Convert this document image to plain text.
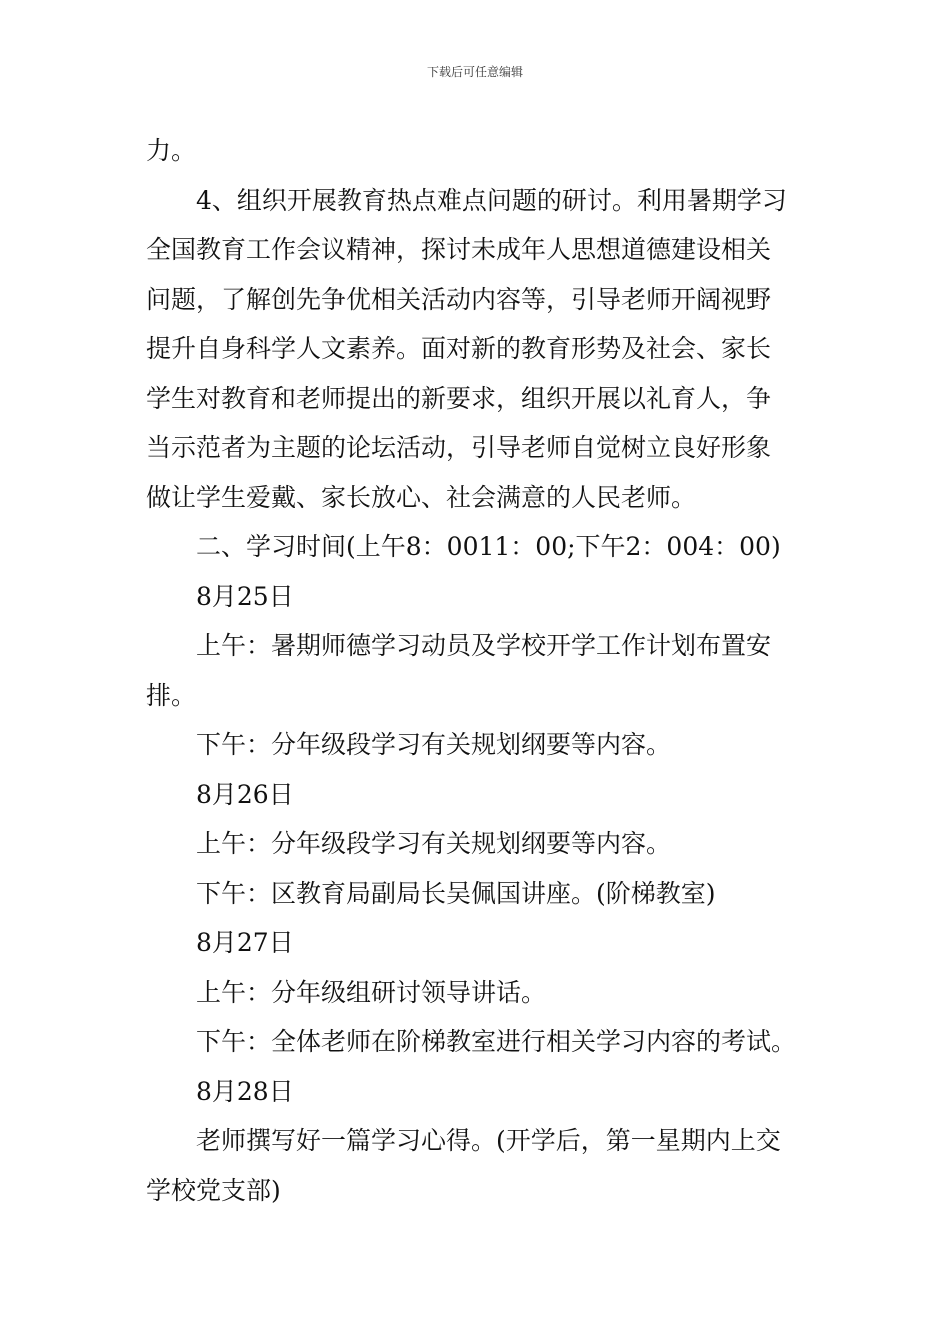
下载后可任意编辑
力。
4、组织开展教育热点难点问题的研讨。利用暑期学习
全国教育工作会议精神，探讨未成年人思想道德建设相关
问题，了解创先争优相关活动内容等，引导老师开阔视野
提升自身科学人文素养。面对新的教育形势及社会、家长
学生对教育和老师提出的新要求，组织开展以礼育人，争
当示范者为主题的论坛活动，引导老师自觉树立良好形象
做让学生爱戴、家长放心、社会满意的人民老师。
二、学习时间(上午8：0011：00;下午2：004：00)
8月25日
上午：暑期师德学习动员及学校开学工作计划布置安
排。
下午：分年级段学习有关规划纲要等内容。
8月26日
上午：分年级段学习有关规划纲要等内容。
下午：区教育局副局长吴佩国讲座。(阶梯教室)
8月27日
上午：分年级组研讨领导讲话。
下午：全体老师在阶梯教室进行相关学习内容的考试。
8月28日
老师撰写好一篇学习心得。(开学后，第一星期内上交
学校党支部)
